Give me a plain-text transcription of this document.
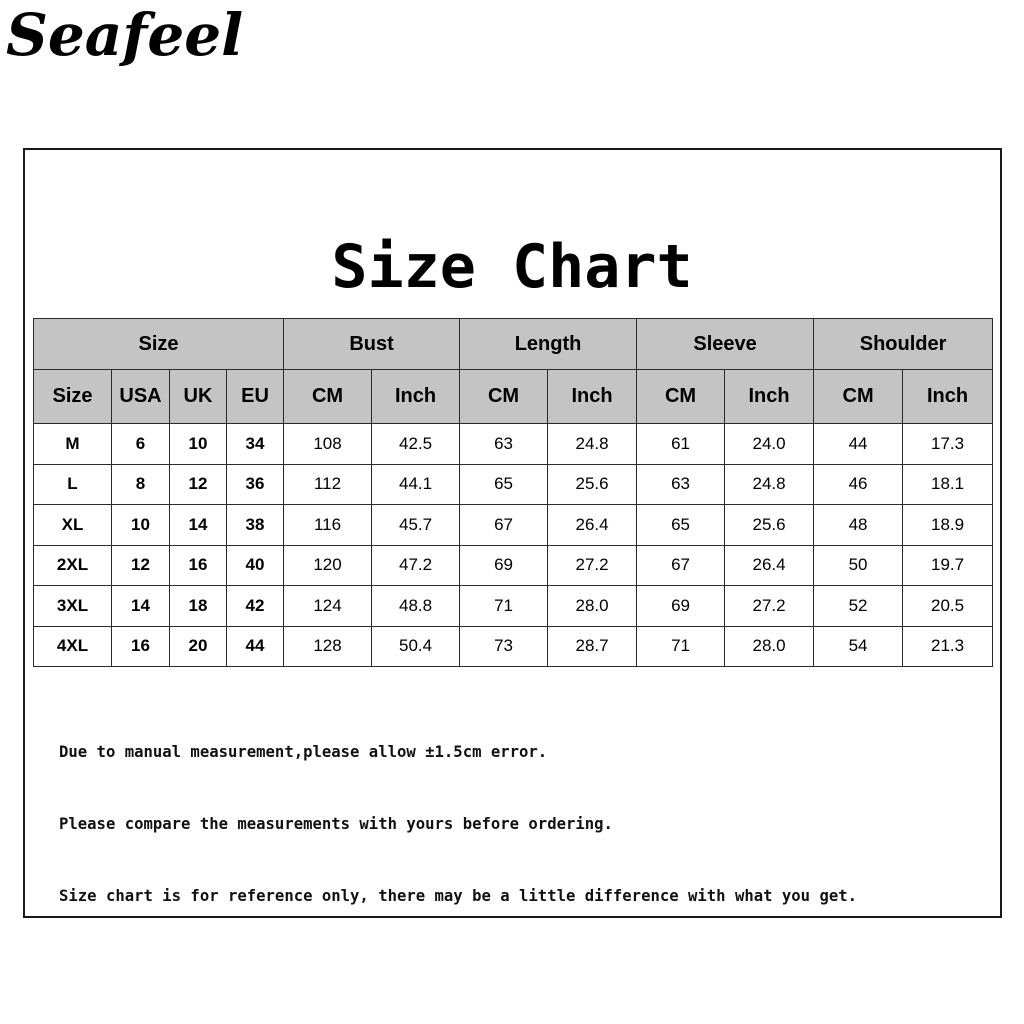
Seafeel
Size Chart
Size				Bust		Length		Sleeve		Shoulder	
Size	USA	UK	EU	CM	Inch	CM	Inch	CM	Inch	CM	Inch
M	6	10	34	108	42.5	63	24.8	61	24.0	44	17.3
L	8	12	36	112	44.1	65	25.6	63	24.8	46	18.1
XL	10	14	38	116	45.7	67	26.4	65	25.6	48	18.9
2XL	12	16	40	120	47.2	69	27.2	67	26.4	50	19.7
3XL	14	18	42	124	48.8	71	28.0	69	27.2	52	20.5
4XL	16	20	44	128	50.4	73	28.7	71	28.0	54	21.3

Due to manual measurement,please allow ±1.5cm error.

Please compare the measurements with yours before ordering.

Size chart is for reference only, there may be a little difference with what you get.
